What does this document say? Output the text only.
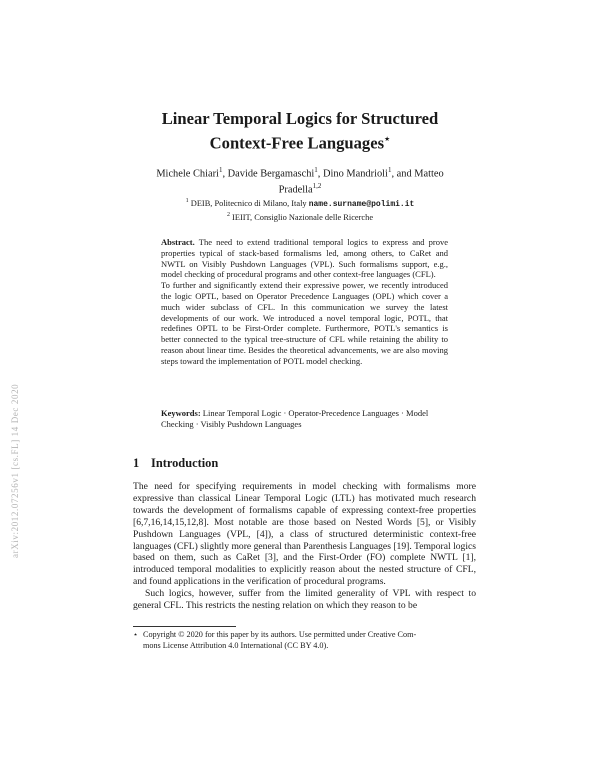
arXiv:2012.07256v1 [cs.FL] 14 Dec 2020
Linear Temporal Logics for Structured
Context-Free Languages⋆
Michele Chiari$^1$, Davide Bergamaschi$^1$, Dino Mandrioli$^1$, and Matteo Pradella$^{1,2}$
$^1$ DEIB, Politecnico di Milano, Italy name.surname@polimi.it
$^2$ IEIIT, Consiglio Nazionale delle Ricerche

Abstract. The need to extend traditional temporal logics to express and prove properties typical of stack-based formalisms led, among others, to CaRet and NWTL on Visibly Pushdown Languages (VPL). Such formalisms support, e.g., model checking of procedural programs and other context-free languages (CFL).

To further and significantly extend their expressive power, we recently introduced the logic OPTL, based on Operator Precedence Languages (OPL) which cover a much wider subclass of CFL. In this communication we survey the latest developments of our work. We introduced a novel temporal logic, POTL, that redefines OPTL to be First-Order complete. Furthermore, POTL's semantics is better connected to the typical tree-structure of CFL while retaining the ability to reason about linear time. Besides the theoretical advancements, we are also moving steps toward the implementation of POTL model checking.

Keywords: Linear Temporal Logic · Operator-Precedence Languages · Model Checking · Visibly Pushdown Languages
1 Introduction

The need for specifying requirements in model checking with formalisms more expressive than classical Linear Temporal Logic (LTL) has motivated much research towards the development of formalisms capable of expressing context-free properties [6,7,16,14,15,12,8]. Most notable are those based on Nested Words [5], or Visibly Pushdown Languages (VPL, [4]), a class of structured deterministic context-free languages (CFL) slightly more general than Parenthesis Languages [19]. Temporal logics based on them, such as CaRet [3], and the First-Order (FO) complete NWTL [1], introduced temporal modalities to explicitly reason about the nested structure of CFL, and found applications in the verification of procedural programs.

Such logics, however, suffer from the limited generality of VPL with respect to general CFL. This restricts the nesting relation on which they reason to be

⋆ Copyright © 2020 for this paper by its authors. Use permitted under Creative Com-
mons License Attribution 4.0 International (CC BY 4.0).
